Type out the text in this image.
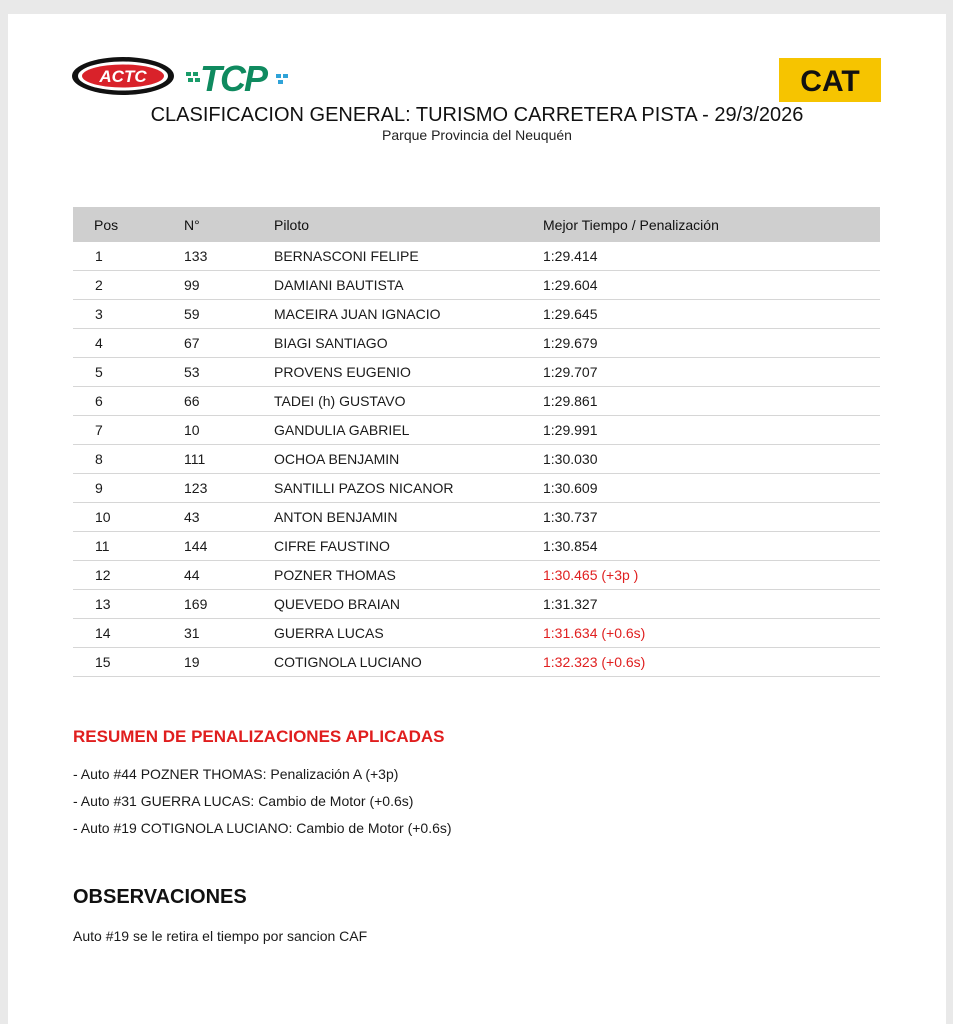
ACTC TCP	CAT
CLASIFICACION GENERAL: TURISMO CARRETERA PISTA - 29/3/2026
Parque Provincia del Neuquén
Pos	N°	Piloto	Mejor Tiempo / Penalización
1	133	BERNASCONI FELIPE	1:29.414
2	99	DAMIANI BAUTISTA	1:29.604
3	59	MACEIRA JUAN IGNACIO	1:29.645
4	67	BIAGI SANTIAGO	1:29.679
5	53	PROVENS EUGENIO	1:29.707
6	66	TADEI (h) GUSTAVO	1:29.861
7	10	GANDULIA GABRIEL	1:29.991
8	111	OCHOA BENJAMIN	1:30.030
9	123	SANTILLI PAZOS NICANOR	1:30.609
10	43	ANTON BENJAMIN	1:30.737
11	144	CIFRE FAUSTINO	1:30.854
12	44	POZNER THOMAS	1:30.465 (+3p )
13	169	QUEVEDO BRAIAN	1:31.327
14	31	GUERRA LUCAS	1:31.634 (+0.6s)
15	19	COTIGNOLA LUCIANO	1:32.323 (+0.6s)
RESUMEN DE PENALIZACIONES APLICADAS
- Auto #44 POZNER THOMAS: Penalización A (+3p)
- Auto #31 GUERRA LUCAS: Cambio de Motor (+0.6s)
- Auto #19 COTIGNOLA LUCIANO: Cambio de Motor (+0.6s)
OBSERVACIONES
Auto #19 se le retira el tiempo por sancion CAF
